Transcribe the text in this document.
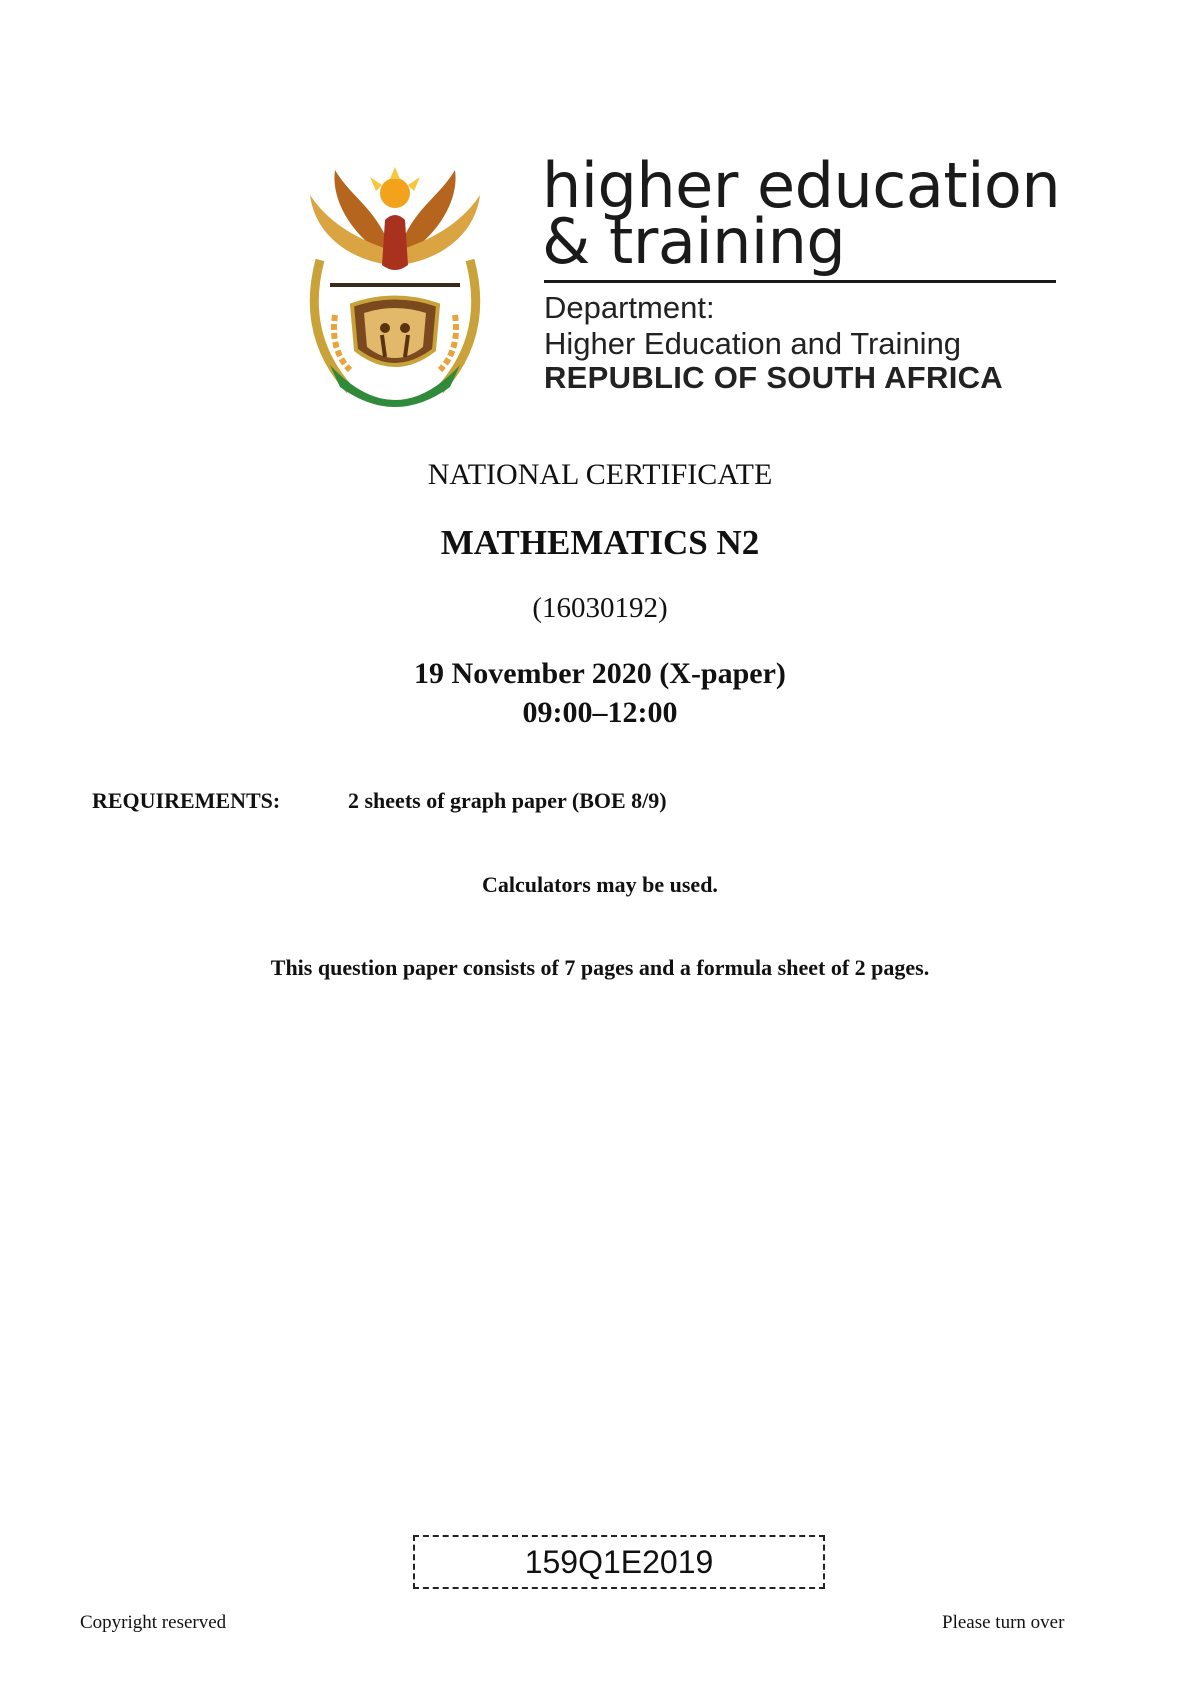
higher education
& training
Department:
Higher Education and Training
REPUBLIC OF SOUTH AFRICA
NATIONAL CERTIFICATE
MATHEMATICS N2
(16030192)
19 November 2020 (X-paper)
09:00–12:00
REQUIREMENTS:	2 sheets of graph paper (BOE 8/9)
Calculators may be used.
This question paper consists of 7 pages and a formula sheet of 2 pages.
159Q1E2019
Copyright reserved	Please turn over
